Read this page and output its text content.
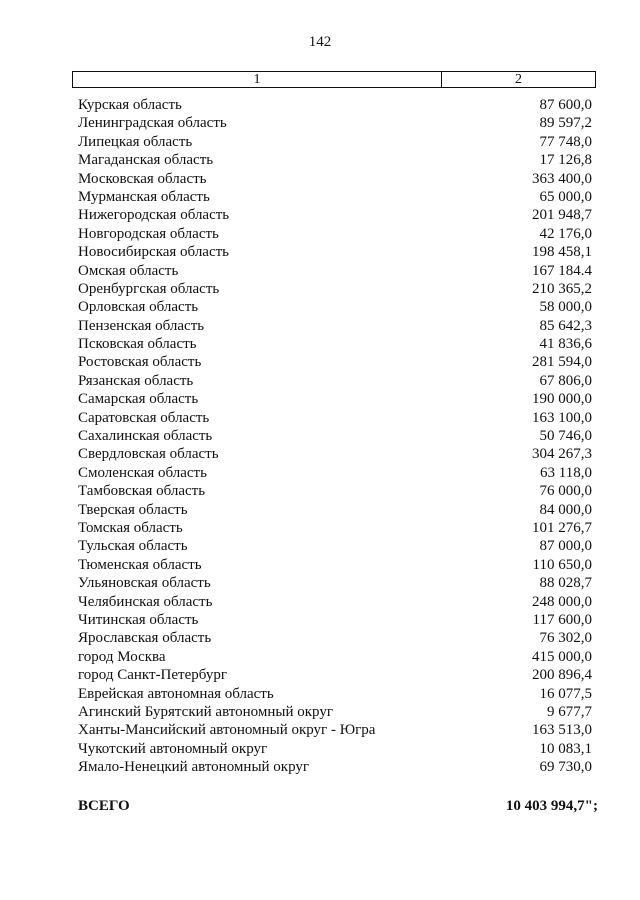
142
1	2
Курская область	87 600,0
Ленинградская область	89 597,2
Липецкая область	77 748,0
Магаданская область	17 126,8
Московская область	363 400,0
Мурманская область	65 000,0
Нижегородская область	201 948,7
Новгородская область	42 176,0
Новосибирская область	198 458,1
Омская область	167 184.4
Оренбургская область	210 365,2
Орловская область	58 000,0
Пензенская область	85 642,3
Псковская область	41 836,6
Ростовская область	281 594,0
Рязанская область	67 806,0
Самарская область	190 000,0
Саратовская область	163 100,0
Сахалинская область	50 746,0
Свердловская область	304 267,3
Смоленская область	63 118,0
Тамбовская область	76 000,0
Тверская область	84 000,0
Томская область	101 276,7
Тульская область	87 000,0
Тюменская область	110 650,0
Ульяновская область	88 028,7
Челябинская область	248 000,0
Читинская область	117 600,0
Ярославская область	76 302,0
город Москва	415 000,0
город Санкт-Петербург	200 896,4
Еврейская автономная область	16 077,5
Агинский Бурятский автономный округ	9 677,7
Ханты-Мансийский автономный округ - Югра	163 513,0
Чукотский автономный округ	10 083,1
Ямало-Ненецкий автономный округ	69 730,0
ВСЕГО	10 403 994,7";
